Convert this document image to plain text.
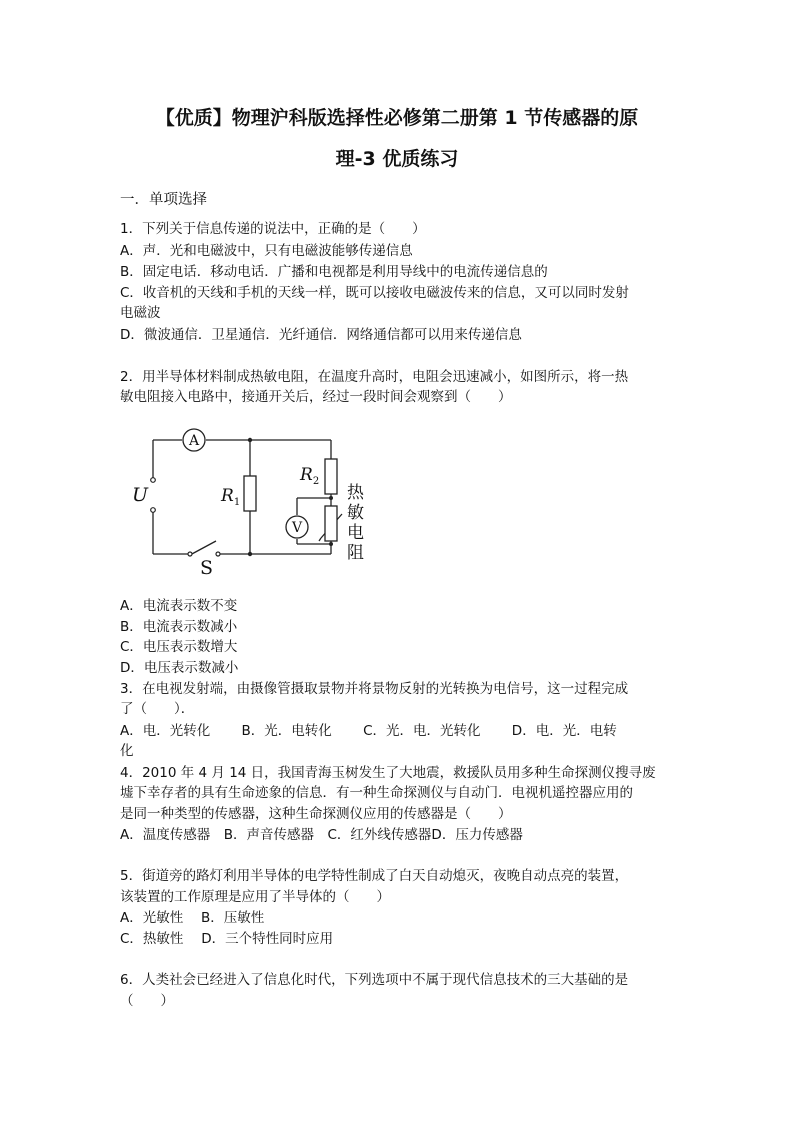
【优质】物理沪科版选择性必修第二册第 1 节传感器的原
理-3 优质练习
一．单项选择
1．下列关于信息传递的说法中，正确的是（　　）
A．声．光和电磁波中，只有电磁波能够传递信息
B．固定电话．移动电话．广播和电视都是利用导线中的电流传递信息的
C．收音机的天线和手机的天线一样，既可以接收电磁波传来的信息，又可以同时发射
电磁波
D．微波通信．卫星通信．光纤通信．网络通信都可以用来传递信息
2．用半导体材料制成热敏电阻，在温度升高时，电阻会迅速减小，如图所示，将一热
敏电阻接入电路中，接通开关后，经过一段时间会观察到（　　）
A
$R_1$
$R_2$
V
U
S
热
敏
电
阻
A．电流表示数不变
B．电流表示数减小
C．电压表示数增大
D．电压表示数减小
3．在电视发射端，由摄像管摄取景物并将景物反射的光转换为电信号，这一过程完成
了（　　）．
A．电．光转化　　 B．光．电转化　　 C．光．电．光转化　　 D．电．光．电转
化
4．2010 年 4 月 14 日，我国青海玉树发生了大地震，救援队员用多种生命探测仪搜寻废
墟下幸存者的具有生命迹象的信息．有一种生命探测仪与自动门．电视机遥控器应用的
是同一种类型的传感器，这种生命探测仪应用的传感器是（　　）
A．温度传感器　B．声音传感器　C．红外线传感器D．压力传感器
5．街道旁的路灯利用半导体的电学特性制成了白天自动熄灭，夜晚自动点亮的装置，
该装置的工作原理是应用了半导体的（　　）
A．光敏性　 B．压敏性
C．热敏性　 D．三个特性同时应用
6．人类社会已经进入了信息化时代，下列选项中不属于现代信息技术的三大基础的是
（　　）
